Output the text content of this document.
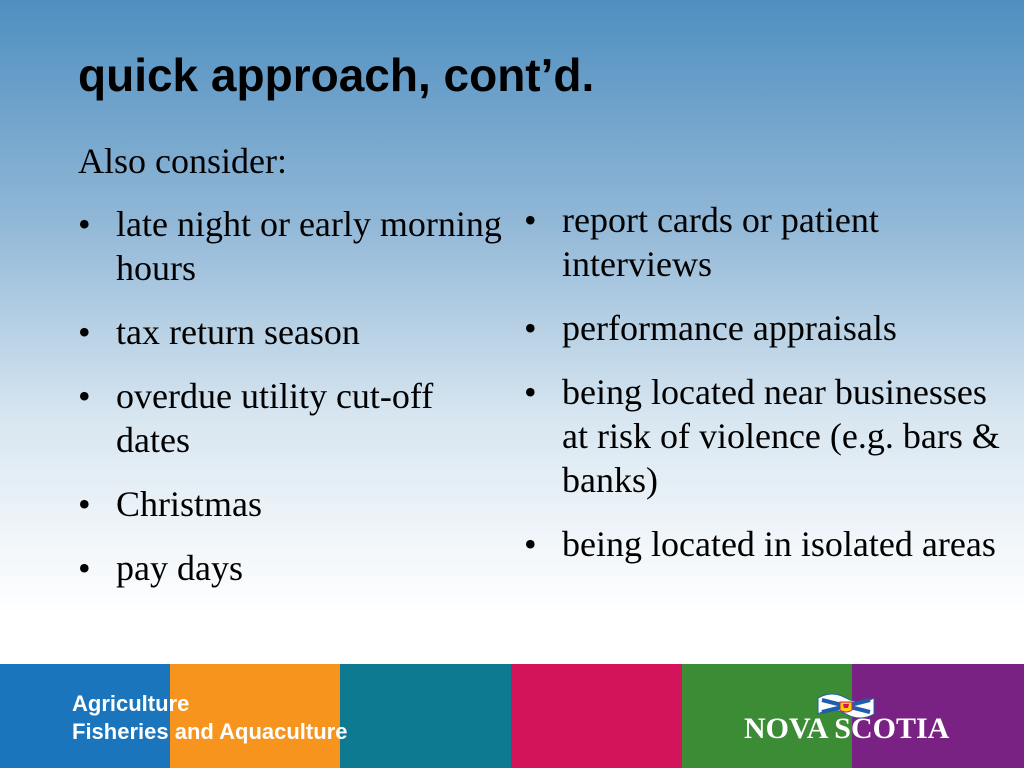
quick approach, cont’d.
Also consider:
• late night or early morning hours
• tax return season
• overdue utility cut-off dates
• Christmas
• pay days
• report cards or patient interviews
• performance appraisals
• being located near businesses at risk of violence (e.g. bars & banks)
• being located in isolated areas
Agriculture
Fisheries and Aquaculture	NOVA SCOTIA
